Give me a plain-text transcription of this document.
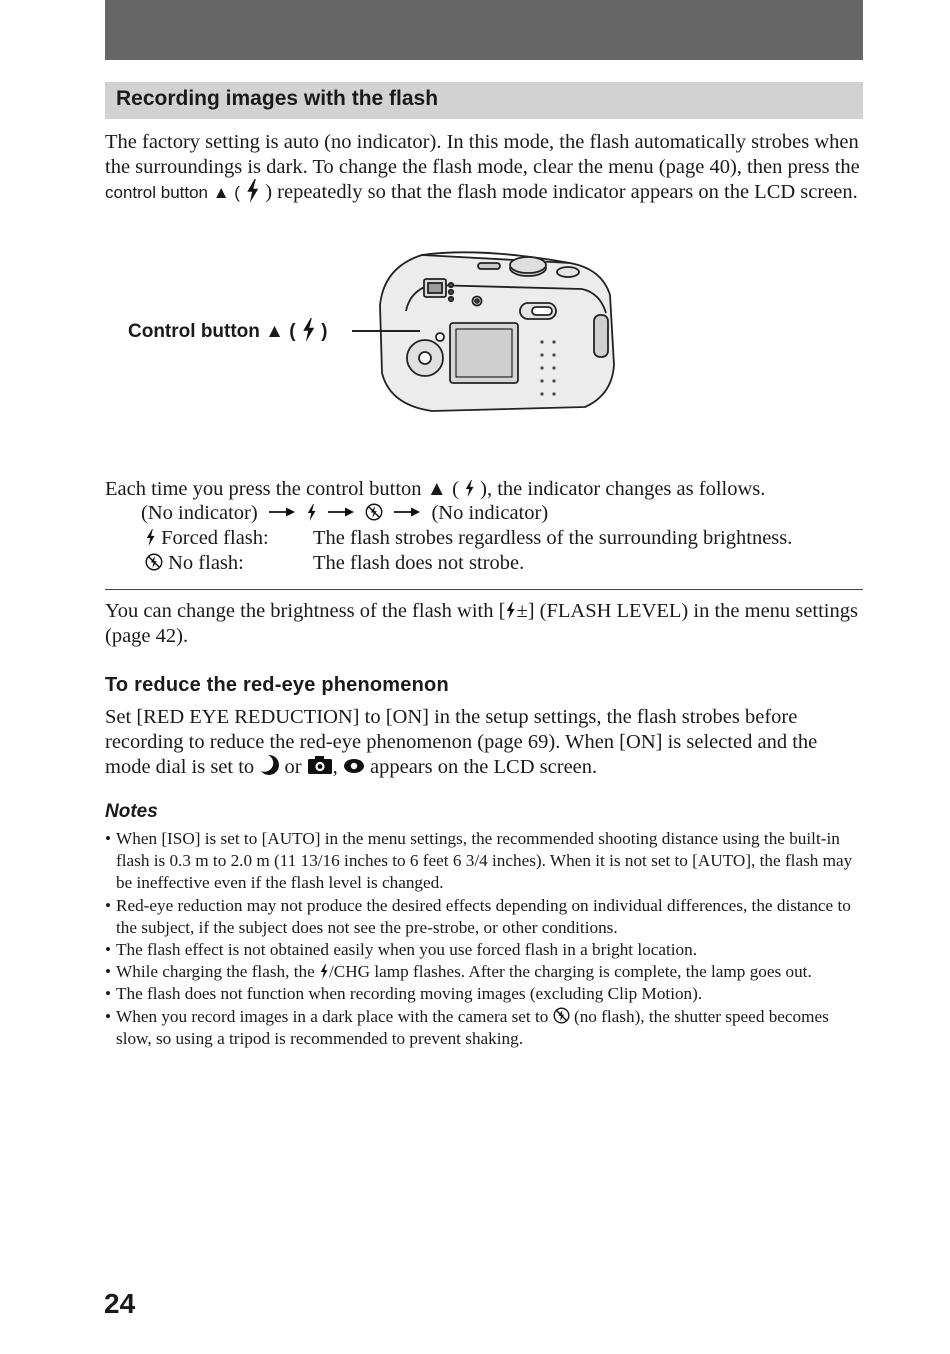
Recording images with the flash

The factory setting is auto (no indicator). In this mode, the flash automatically strobes when the surroundings is dark. To change the flash mode, clear the menu (page 40), then press the control button ▲ ( ) repeatedly so that the flash mode indicator appears on the LCD screen.

Control button ▲ ( )

Each time you press the control button ▲ ( ), the indicator changes as follows.

(No indicator)	(No indicator)
Forced flash: The flash strobes regardless of the surrounding brightness.
No flash:	The flash does not strobe.

You can change the brightness of the flash with [ ±] (FLASH LEVEL) in the menu settings (page 42).

To reduce the red-eye phenomenon

Set [RED EYE REDUCTION] to [ON] in the setup settings, the flash strobes before recording to reduce the red-eye phenomenon (page 69). When [ON] is selected and the mode dial is set to or , appears on the LCD screen.

Notes
• When [ISO] is set to [AUTO] in the menu settings, the recommended shooting distance using the built-in flash is 0.3 m to 2.0 m (11 13/16 inches to 6 feet 6 3/4 inches). When it is not set to [AUTO], the flash may be ineffective even if the flash level is changed.
• Red-eye reduction may not produce the desired effects depending on individual differences, the distance to the subject, if the subject does not see the pre-strobe, or other conditions.
• The flash effect is not obtained easily when you use forced flash in a bright location.
• While charging the flash, the /CHG lamp flashes. After the charging is complete, the lamp goes out.
• The flash does not function when recording moving images (excluding Clip Motion).
• When you record images in a dark place with the camera set to (no flash), the shutter speed becomes slow, so using a tripod is recommended to prevent shaking.
24
